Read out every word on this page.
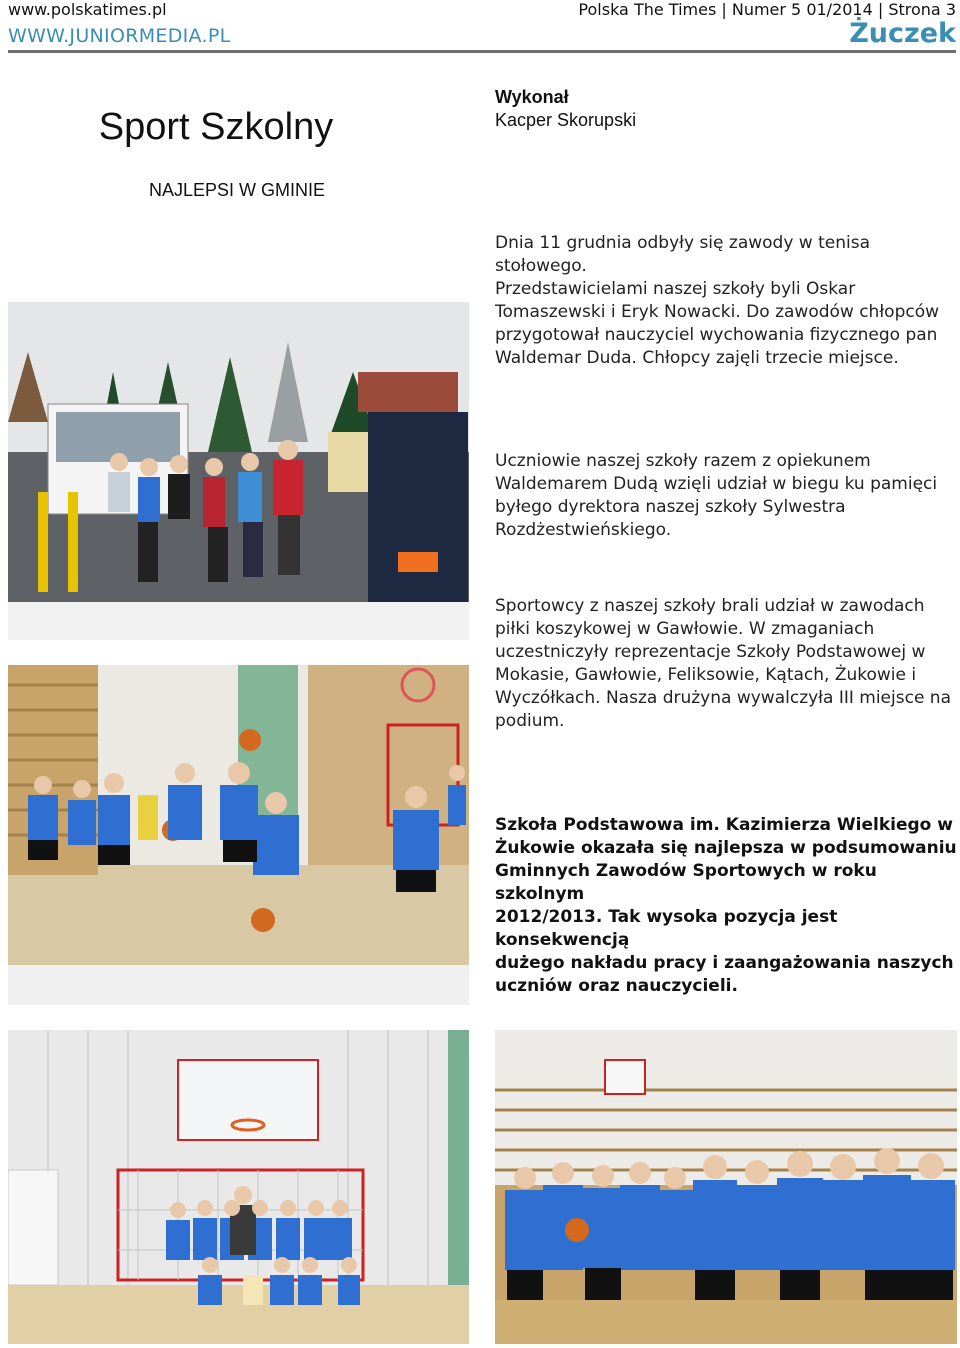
www.polskatimes.pl	Polska The Times | Numer 5 01/2014 | Strona 3
WWW.JUNIORMEDIA.PL	Żuczek
Sport Szkolny
NAJLEPSI W GMINIE
Wykonał
Kacper Skorupski
Dnia 11 grudnia odbyły się zawody w tenisa stołowego.
Przedstawicielami naszej szkoły byli Oskar
Tomaszewski i Eryk Nowacki. Do zawodów chłopców
przygotował nauczyciel wychowania fizycznego pan
Waldemar Duda. Chłopcy zajęli trzecie miejsce.
Uczniowie naszej szkoły razem z opiekunem
Waldemarem Dudą wzięli udział w biegu ku pamięci
byłego dyrektora naszej szkoły Sylwestra
Rozdżestwieńskiego.
Sportowcy z naszej szkoły brali udział w zawodach
piłki koszykowej w Gawłowie. W zmaganiach
uczestniczyły reprezentacje Szkoły Podstawowej w
Mokasie, Gawłowie, Feliksowie, Kątach, Żukowie i
Wyczółkach. Nasza drużyna wywalczyła III miejsce na
podium.
Szkoła Podstawowa im. Kazimierza Wielkiego w
Żukowie okazała się najlepsza w podsumowaniu
Gminnych Zawodów Sportowych w roku szkolnym
2012/2013. Tak wysoka pozycja jest konsekwencją
dużego nakładu pracy i zaangażowania naszych
uczniów oraz nauczycieli.
